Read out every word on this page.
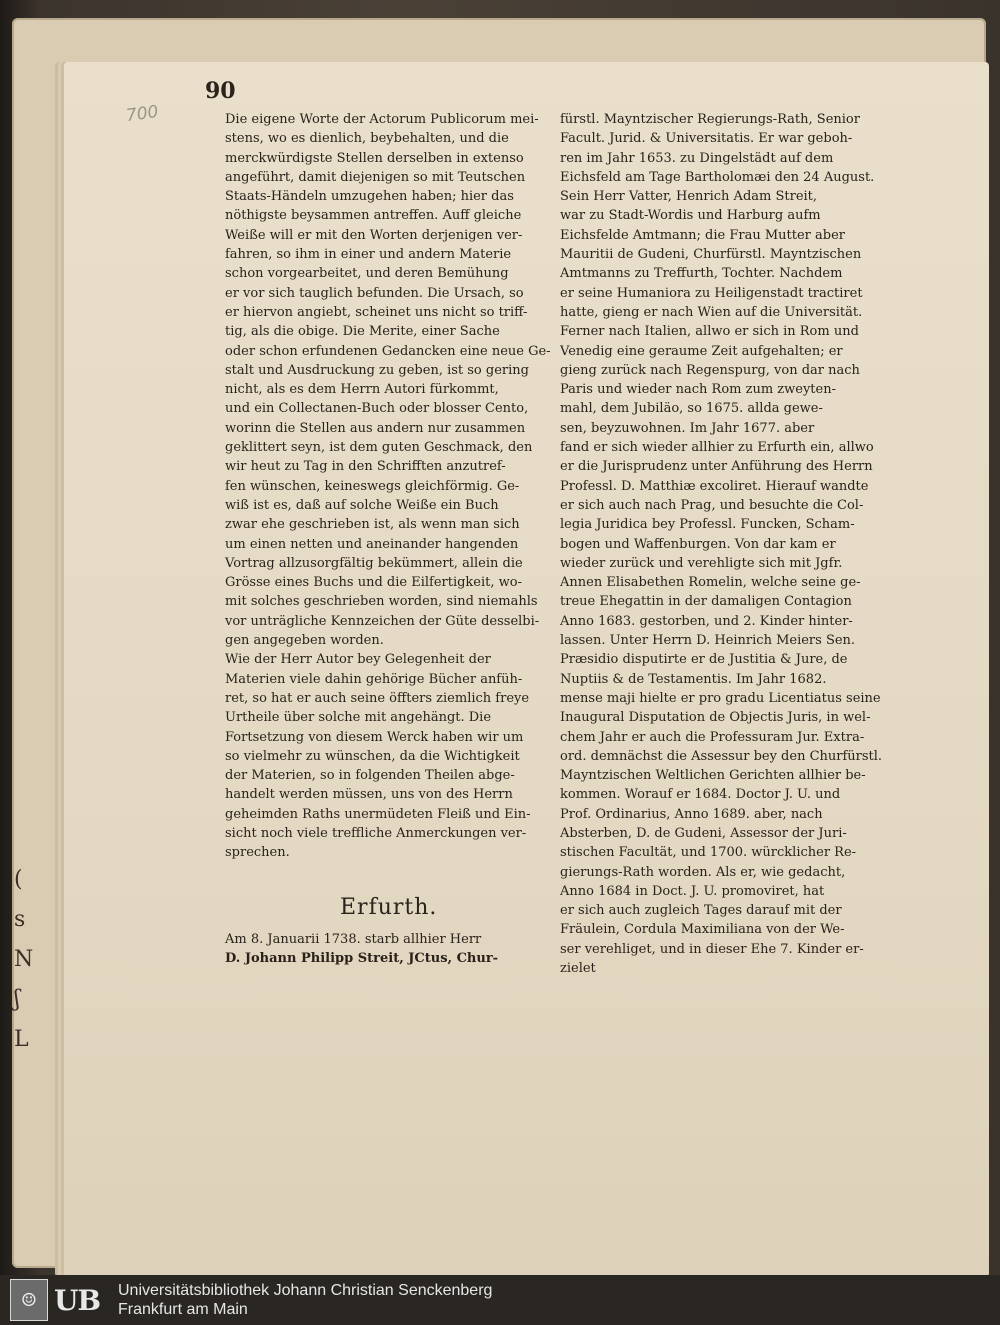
700
(
s
N
ʃ
L
90
Die eigene Worte der Actorum Publicorum mei-
stens, wo es dienlich, beybehalten, und die
merckwürdigste Stellen derselben in extenso
angeführt, damit diejenigen so mit Teutschen
Staats-Händeln umzugehen haben; hier das
nöthigste beysammen antreffen. Auff gleiche
Weiße will er mit den Worten derjenigen ver-
fahren, so ihm in einer und andern Materie
schon vorgearbeitet, und deren Bemühung
er vor sich tauglich befunden. Die Ursach, so
er hiervon angiebt, scheinet uns nicht so triff-
tig, als die obige. Die Merite, einer Sache
oder schon erfundenen Gedancken eine neue Ge-
stalt und Ausdruckung zu geben, ist so gering
nicht, als es dem Herrn Autori fürkommt,
und ein Collectanen-Buch oder blosser Cento,
worinn die Stellen aus andern nur zusammen
geklittert seyn, ist dem guten Geschmack, den
wir heut zu Tag in den Schrifften anzutref-
fen wünschen, keineswegs gleichförmig. Ge-
wiß ist es, daß auf solche Weiße ein Buch
zwar ehe geschrieben ist, als wenn man sich
um einen netten und aneinander hangenden
Vortrag allzusorgfältig bekümmert, allein die
Grösse eines Buchs und die Eilfertigkeit, wo-
mit solches geschrieben worden, sind niemahls
vor unträgliche Kennzeichen der Güte desselbi-
gen angegeben worden.
Wie der Herr Autor bey Gelegenheit der
Materien viele dahin gehörige Bücher anfüh-
ret, so hat er auch seine öffters ziemlich freye
Urtheile über solche mit angehängt. Die
Fortsetzung von diesem Werck haben wir um
so vielmehr zu wünschen, da die Wichtigkeit
der Materien, so in folgenden Theilen abge-
handelt werden müssen, uns von des Herrn
geheimden Raths unermüdeten Fleiß und Ein-
sicht noch viele treffliche Anmerckungen ver-
sprechen.
Erfurth.
Am 8. Januarii 1738. starb allhier Herr
D. Johann Philipp Streit, JCtus, Chur-
fürstl. Mayntzischer Regierungs-Rath, Senior
Facult. Jurid. & Universitatis. Er war geboh-
ren im Jahr 1653. zu Dingelstädt auf dem
Eichsfeld am Tage Bartholomæi den 24 August.
Sein Herr Vatter, Henrich Adam Streit,
war zu Stadt-Wordis und Harburg aufm
Eichsfelde Amtmann; die Frau Mutter aber
Mauritii de Gudeni, Churfürstl. Mayntzischen
Amtmanns zu Treffurth, Tochter. Nachdem
er seine Humaniora zu Heiligenstadt tractiret
hatte, gieng er nach Wien auf die Universität.
Ferner nach Italien, allwo er sich in Rom und
Venedig eine geraume Zeit aufgehalten; er
gieng zurück nach Regenspurg, von dar nach
Paris und wieder nach Rom zum zweyten-
mahl, dem Jubiläo, so 1675. allda gewe-
sen, beyzuwohnen. Im Jahr 1677. aber
fand er sich wieder allhier zu Erfurth ein, allwo
er die Jurisprudenz unter Anführung des Herrn
Professl. D. Matthiæ excoliret. Hierauf wandte
er sich auch nach Prag, und besuchte die Col-
legia Juridica bey Professl. Funcken, Scham-
bogen und Waffenburgen. Von dar kam er
wieder zurück und verehligte sich mit Jgfr.
Annen Elisabethen Romelin, welche seine ge-
treue Ehegattin in der damaligen Contagion
Anno 1683. gestorben, und 2. Kinder hinter-
lassen. Unter Herrn D. Heinrich Meiers Sen.
Præsidio disputirte er de Justitia & Jure, de
Nuptiis & de Testamentis. Im Jahr 1682.
mense maji hielte er pro gradu Licentiatus seine
Inaugural Disputation de Objectis Juris, in wel-
chem Jahr er auch die Professuram Jur. Extra-
ord. demnächst die Assessur bey den Churfürstl.
Mayntzischen Weltlichen Gerichten allhier be-
kommen. Worauf er 1684. Doctor J. U. und
Prof. Ordinarius, Anno 1689. aber, nach
Absterben, D. de Gudeni, Assessor der Juri-
stischen Facultät, und 1700. würcklicher Re-
gierungs-Rath worden. Als er, wie gedacht,
Anno 1684 in Doct. J. U. promoviret, hat
er sich auch zugleich Tages darauf mit der
Fräulein, Cordula Maximiliana von der We-
ser verehliget, und in dieser Ehe 7. Kinder er-
zielet
☺ UB Universitätsbibliothek Johann Christian Senckenberg
Frankfurt am Main
